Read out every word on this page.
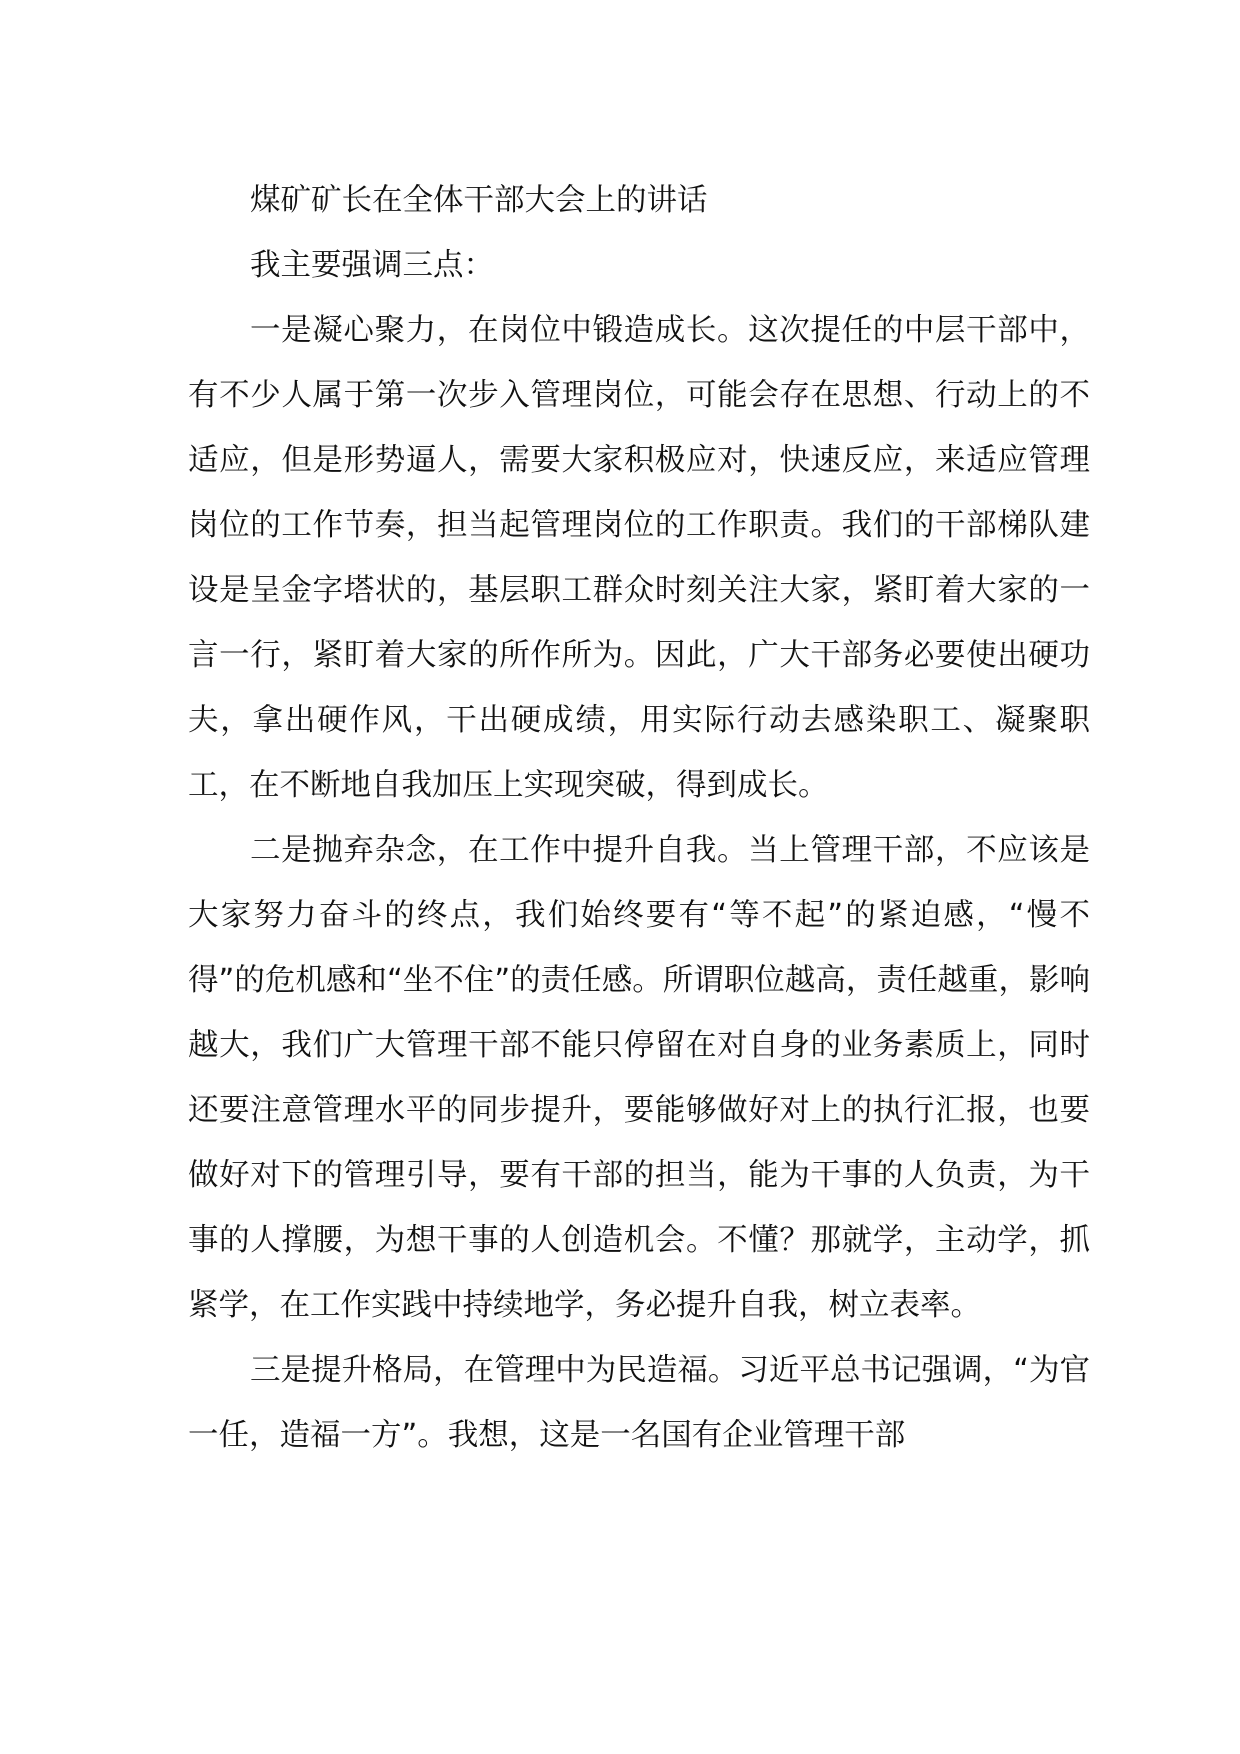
煤矿矿长在全体干部大会上的讲话

我主要强调三点：

一是凝心聚力，在岗位中锻造成长。这次提任的中层干部中，有不少人属于第一次步入管理岗位，可能会存在思想、行动上的不适应，但是形势逼人，需要大家积极应对，快速反应，来适应管理岗位的工作节奏，担当起管理岗位的工作职责。我们的干部梯队建设是呈金字塔状的，基层职工群众时刻关注大家，紧盯着大家的一言一行，紧盯着大家的所作所为。因此，广大干部务必要使出硬功夫，拿出硬作风，干出硬成绩，用实际行动去感染职工、凝聚职工，在不断地自我加压上实现突破，得到成长。

二是抛弃杂念，在工作中提升自我。当上管理干部，不应该是大家努力奋斗的终点，我们始终要有“等不起”的紧迫感，“慢不得”的危机感和“坐不住”的责任感。所谓职位越高，责任越重，影响越大，我们广大管理干部不能只停留在对自身的业务素质上，同时还要注意管理水平的同步提升，要能够做好对上的执行汇报，也要做好对下的管理引导，要有干部的担当，能为干事的人负责，为干事的人撑腰，为想干事的人创造机会。不懂？那就学，主动学，抓紧学，在工作实践中持续地学，务必提升自我，树立表率。

三是提升格局，在管理中为民造福。习近平总书记强调，“为官一任，造福一方”。我想，这是一名国有企业管理干部
